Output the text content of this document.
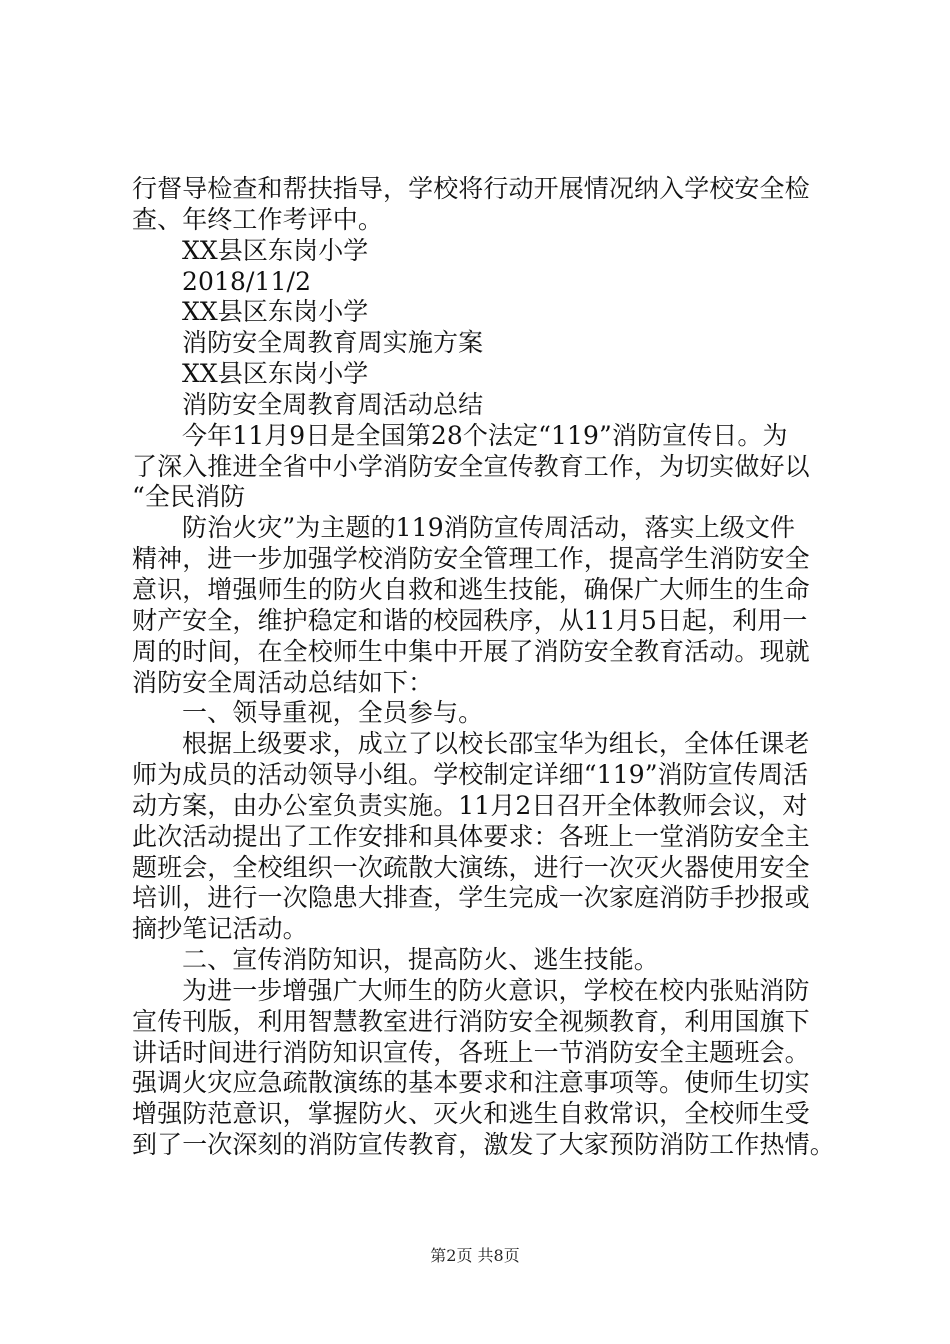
行督导检查和帮扶指导，学校将行动开展情况纳入学校安全检
查、年终工作考评中。
XX县区东岗小学
2018/11/2
XX县区东岗小学
消防安全周教育周实施方案
XX县区东岗小学
消防安全周教育周活动总结
今年11月9日是全国第28个法定“119”消防宣传日。为
了深入推进全省中小学消防安全宣传教育工作，为切实做好以
“全民消防
防治火灾”为主题的119消防宣传周活动，落实上级文件
精神，进一步加强学校消防安全管理工作，提高学生消防安全
意识，增强师生的防火自救和逃生技能，确保广大师生的生命
财产安全，维护稳定和谐的校园秩序，从11月5日起，利用一
周的时间，在全校师生中集中开展了消防安全教育活动。现就
消防安全周活动总结如下：
一、领导重视，全员参与。
根据上级要求，成立了以校长邵宝华为组长，全体任课老
师为成员的活动领导小组。学校制定详细“119”消防宣传周活
动方案，由办公室负责实施。11月2日召开全体教师会议，对
此次活动提出了工作安排和具体要求：各班上一堂消防安全主
题班会，全校组织一次疏散大演练，进行一次灭火器使用安全
培训，进行一次隐患大排查，学生完成一次家庭消防手抄报或
摘抄笔记活动。
二、宣传消防知识，提高防火、逃生技能。
为进一步增强广大师生的防火意识，学校在校内张贴消防
宣传刊版，利用智慧教室进行消防安全视频教育，利用国旗下
讲话时间进行消防知识宣传，各班上一节消防安全主题班会。
强调火灾应急疏散演练的基本要求和注意事项等。使师生切实
增强防范意识，掌握防火、灭火和逃生自救常识，全校师生受
到了一次深刻的消防宣传教育，激发了大家预防消防工作热情。
第2页 共8页
